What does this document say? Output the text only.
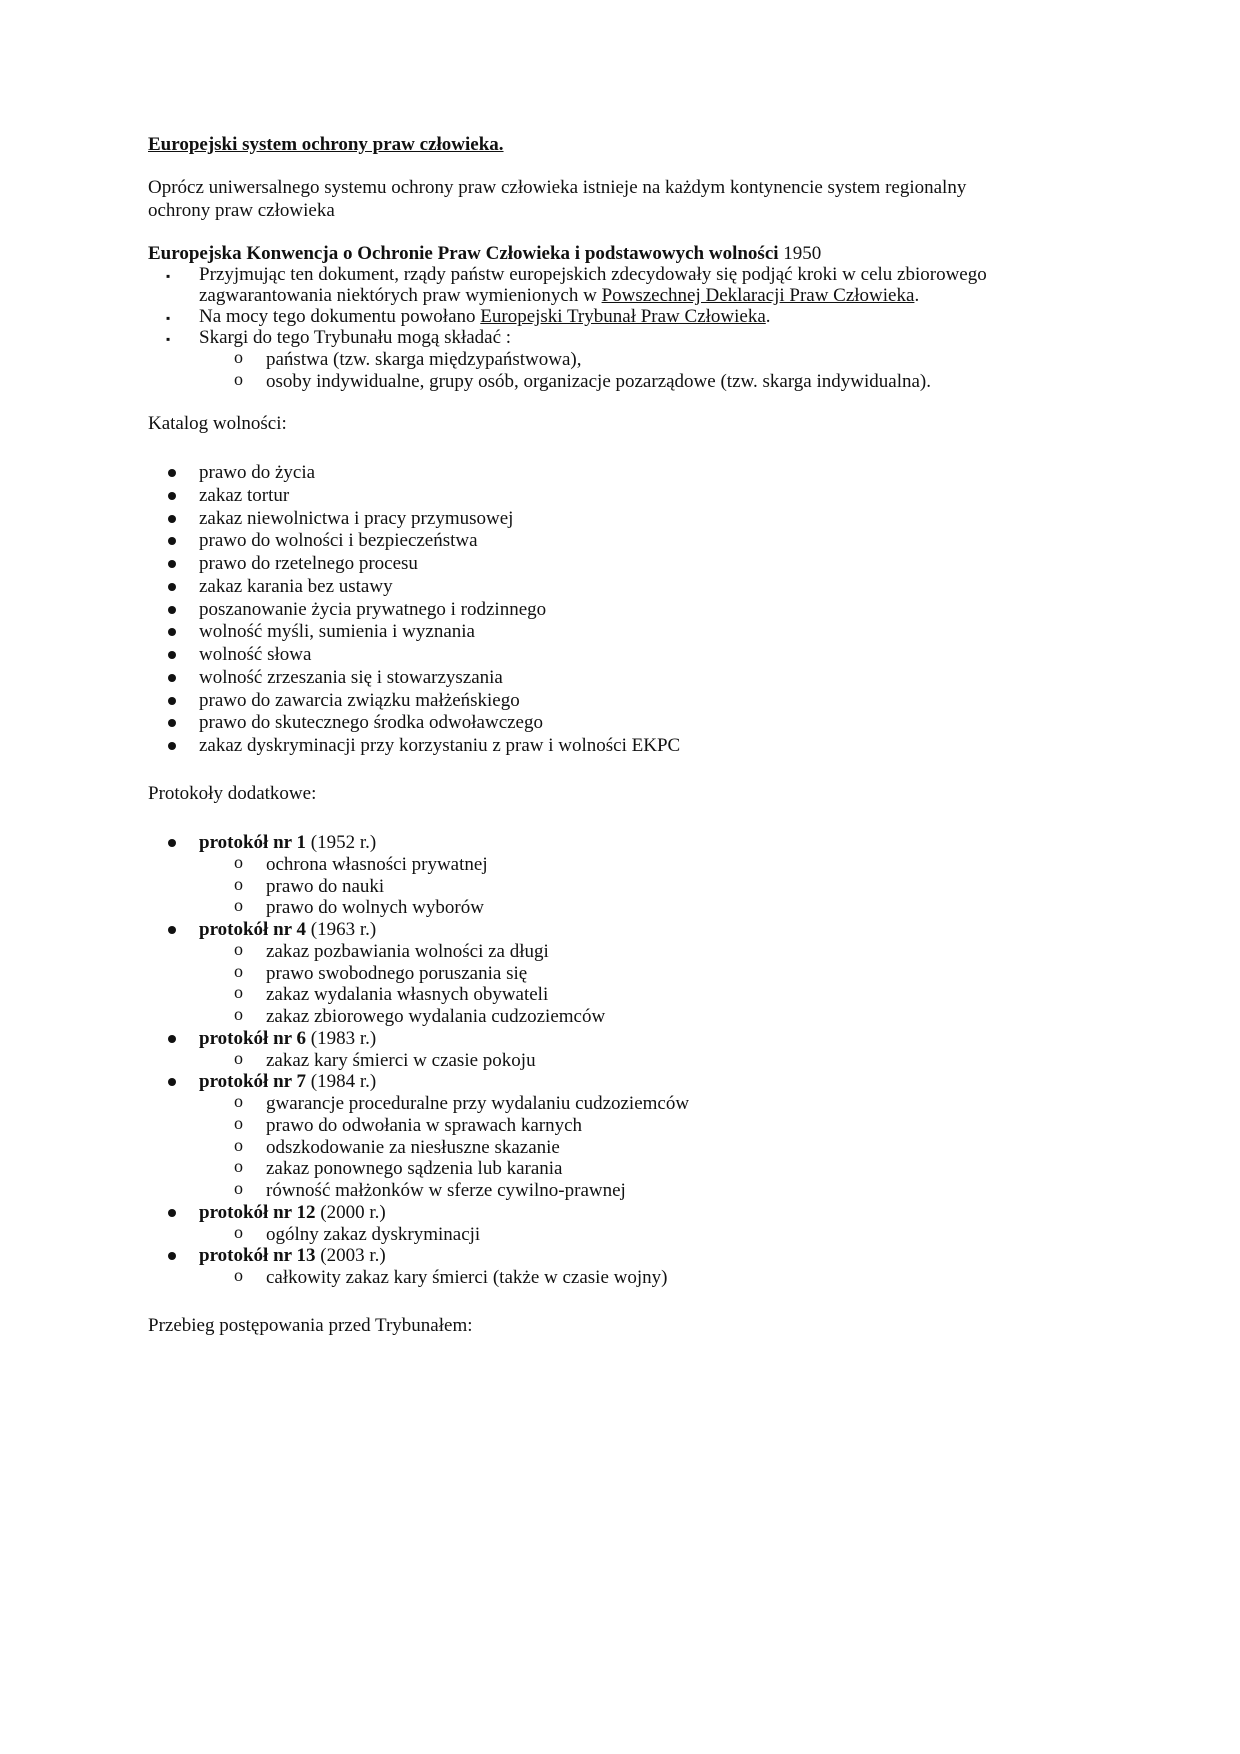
Europejski system ochrony praw człowieka.
Oprócz uniwersalnego systemu ochrony praw człowieka istnieje na każdym kontynencie system regionalny
ochrony praw człowieka
Europejska Konwencja o Ochronie Praw Człowieka i podstawowych wolności 1950
▪ Przyjmując ten dokument, rządy państw europejskich zdecydowały się podjąć kroki w celu zbiorowego
zagwarantowania niektórych praw wymienionych w Powszechnej Deklaracji Praw Człowieka.
▪ Na mocy tego dokumentu powołano Europejski Trybunał Praw Człowieka.
▪ Skargi do tego Trybunału mogą składać :
o państwa (tzw. skarga międzypaństwowa),
o osoby indywidualne, grupy osób, organizacje pozarządowe (tzw. skarga indywidualna).
Katalog wolności:
prawo do życia
zakaz tortur
zakaz niewolnictwa i pracy przymusowej
prawo do wolności i bezpieczeństwa
prawo do rzetelnego procesu
zakaz karania bez ustawy
poszanowanie życia prywatnego i rodzinnego
wolność myśli, sumienia i wyznania
wolność słowa
wolność zrzeszania się i stowarzyszania
prawo do zawarcia związku małżeńskiego
prawo do skutecznego środka odwoławczego
zakaz dyskryminacji przy korzystaniu z praw i wolności EKPC
Protokoły dodatkowe:
protokół nr 1 (1952 r.)
o ochrona własności prywatnej
o prawo do nauki
o prawo do wolnych wyborów
protokół nr 4 (1963 r.)
o zakaz pozbawiania wolności za długi
o prawo swobodnego poruszania się
o zakaz wydalania własnych obywateli
o zakaz zbiorowego wydalania cudzoziemców
protokół nr 6 (1983 r.)
o zakaz kary śmierci w czasie pokoju
protokół nr 7 (1984 r.)
o gwarancje proceduralne przy wydalaniu cudzoziemców
o prawo do odwołania w sprawach karnych
o odszkodowanie za niesłuszne skazanie
o zakaz ponownego sądzenia lub karania
o równość małżonków w sferze cywilno-prawnej
protokół nr 12 (2000 r.)
o ogólny zakaz dyskryminacji
protokół nr 13 (2003 r.)
o całkowity zakaz kary śmierci (także w czasie wojny)
Przebieg postępowania przed Trybunałem:
